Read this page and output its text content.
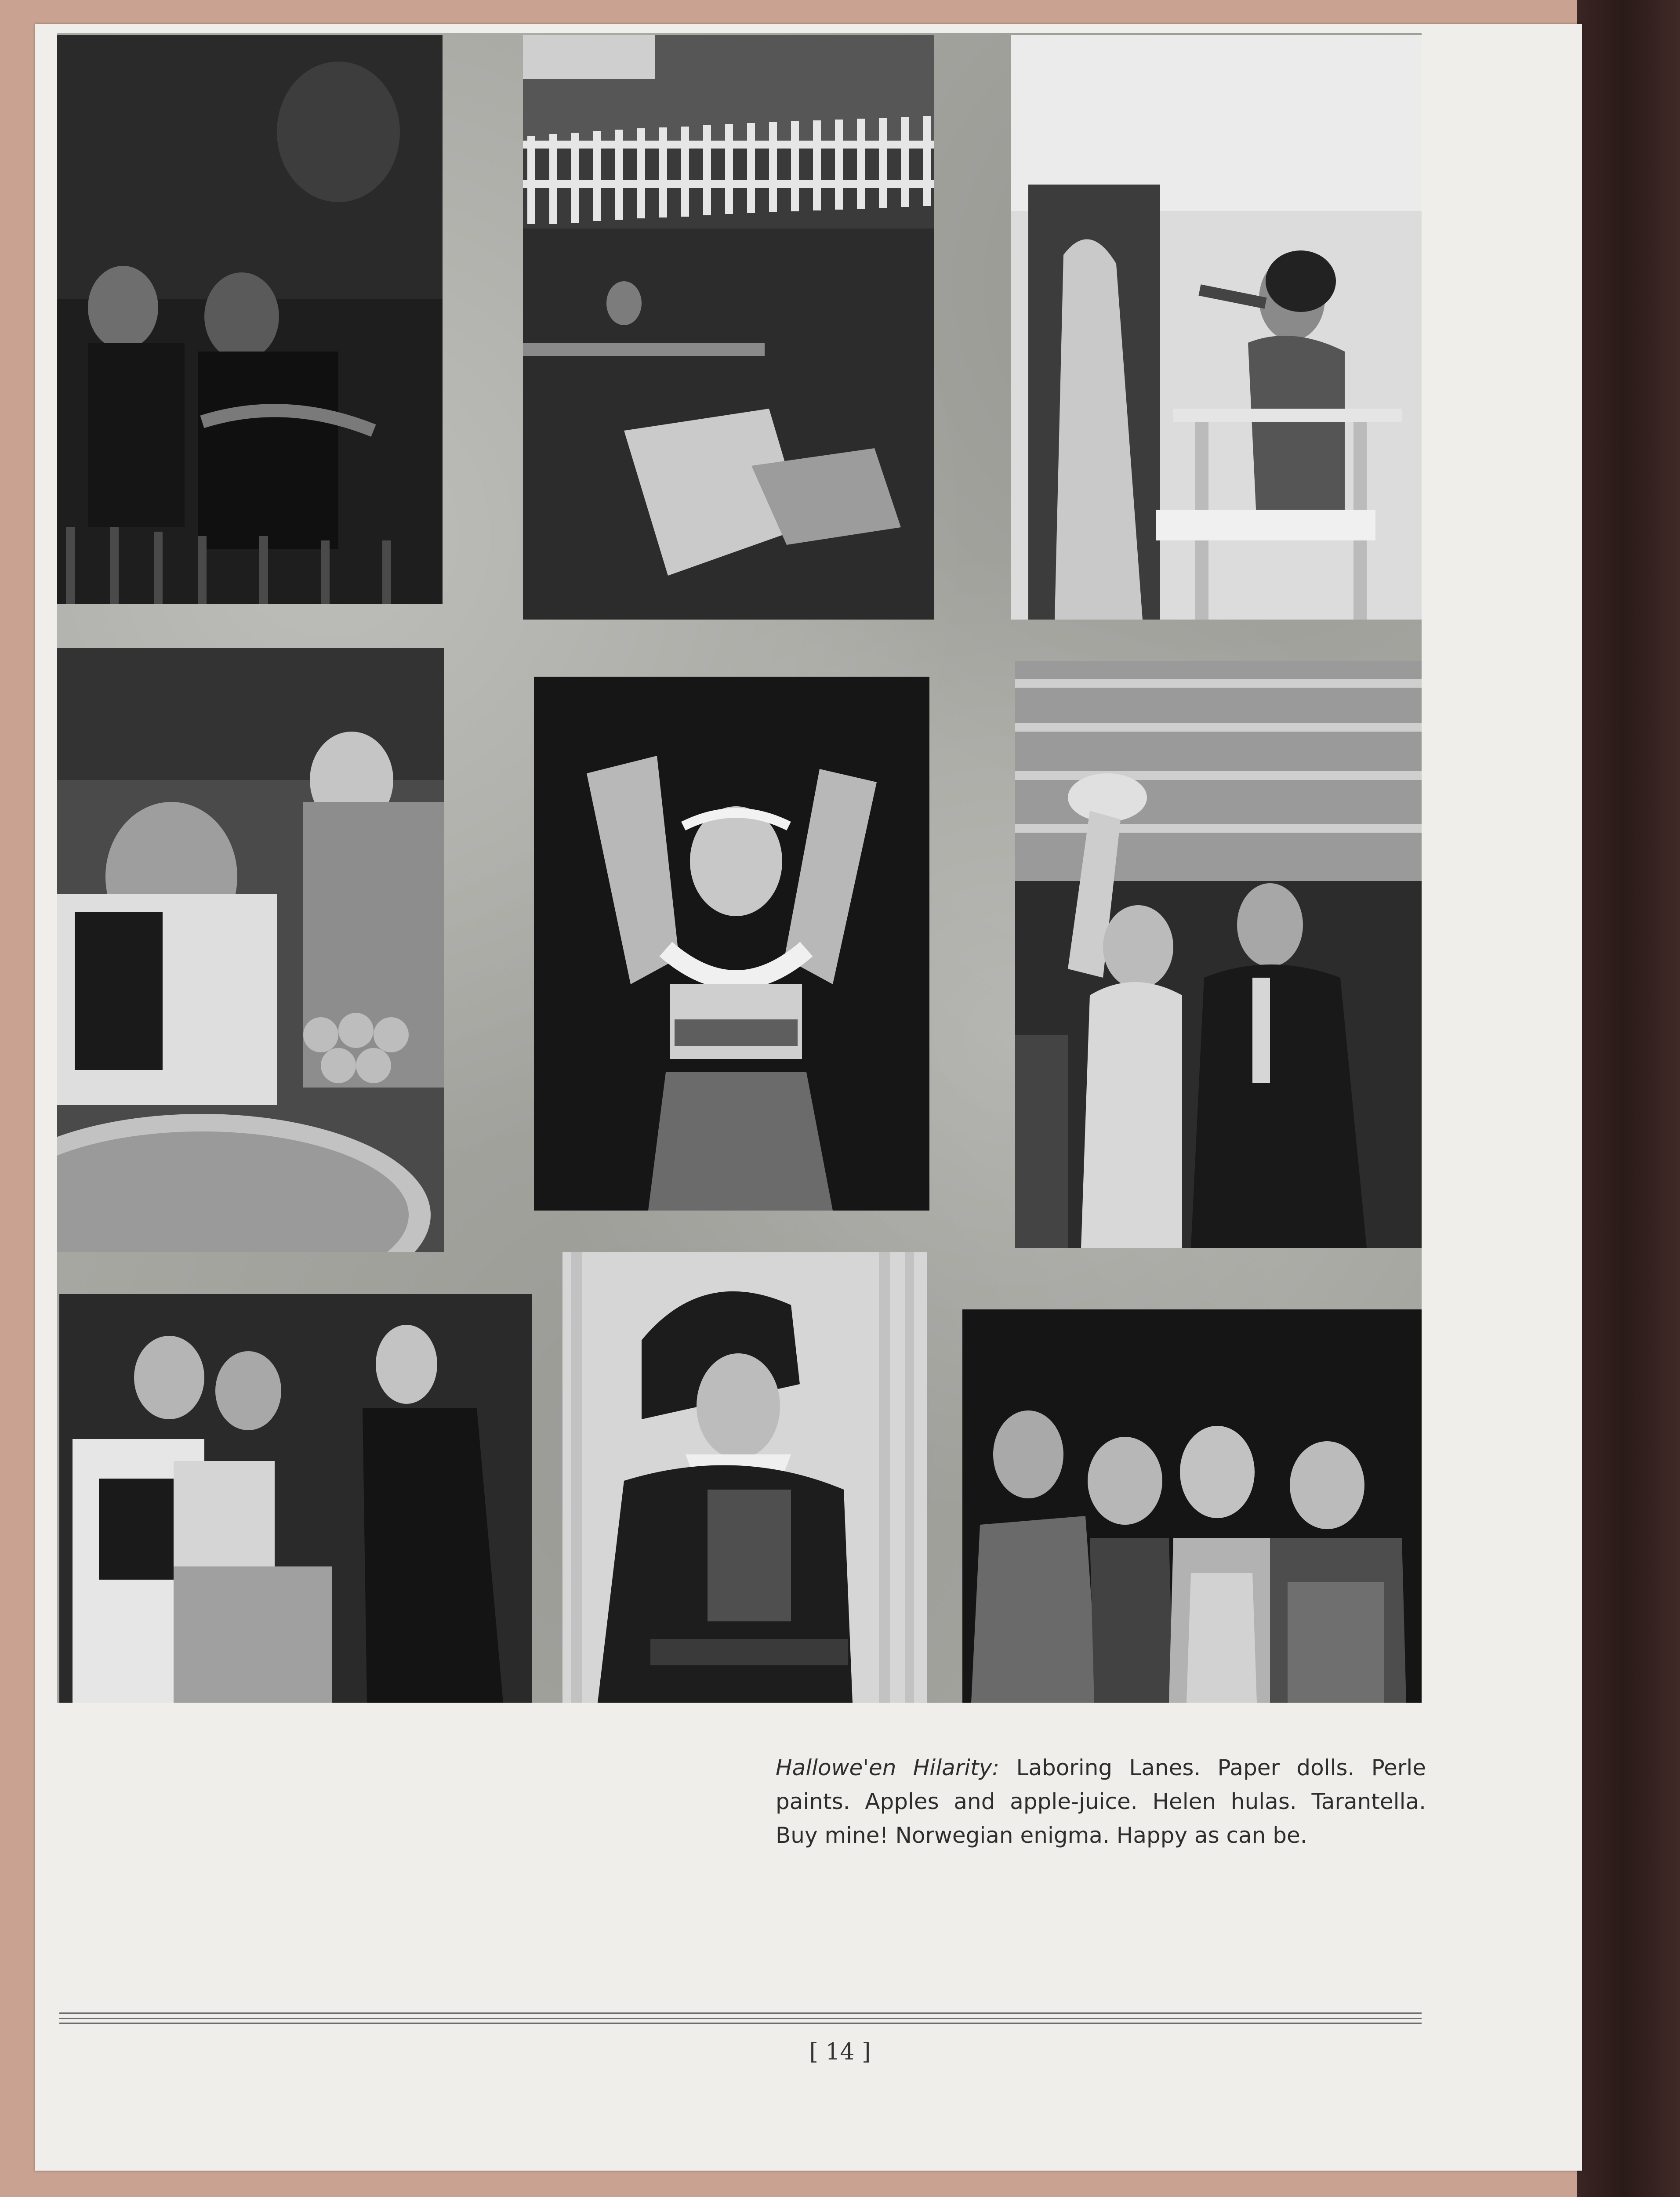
Hallowe'en Hilarity: Laboring Lanes. Paper dolls. Perle paints. Apples and apple-juice. Helen hulas. Tarantella. Buy mine! Norwegian enigma. Happy as can be.
[ 14 ]
